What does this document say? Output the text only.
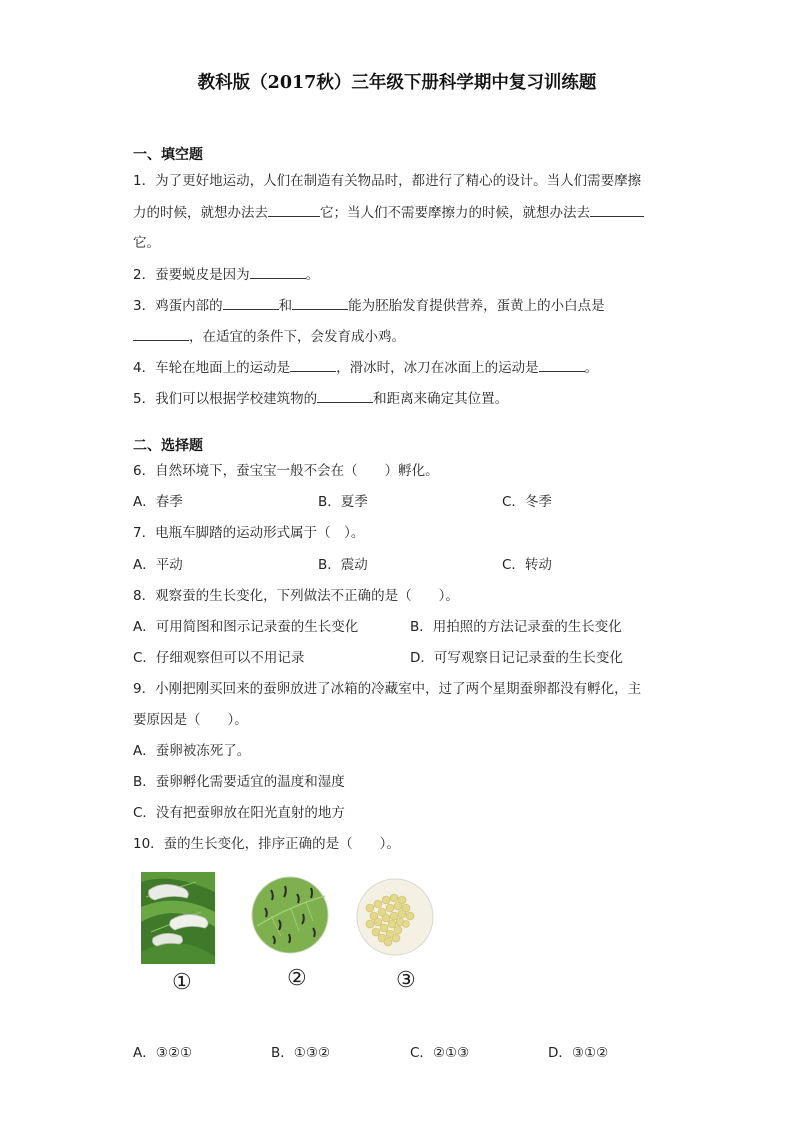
教科版（2017秋）三年级下册科学期中复习训练题
一、填空题
1．为了更好地运动，人们在制造有关物品时，都进行了精心的设计。当人们需要摩擦
力的时候，就想办法去	它；当人们不需要摩擦力的时候，就想办法去
它。
2．蚕要蜕皮是因为	。
3．鸡蛋内部的	和	能为胚胎发育提供营养，蛋黄上的小白点是
，在适宜的条件下，会发育成小鸡。
4．车轮在地面上的运动是	，滑冰时，冰刀在冰面上的运动是	。
5．我们可以根据学校建筑物的	和距离来确定其位置。
二、选择题
6．自然环境下，蚕宝宝一般不会在（　　）孵化。
A．春季	B．夏季	C．冬季
7．电瓶车脚踏的运动形式属于（　）。
A．平动	B．震动	C．转动
8．观察蚕的生长变化，下列做法不正确的是（　　）。
A．可用简图和图示记录蚕的生长变化	B．用拍照的方法记录蚕的生长变化
C．仔细观察但可以不用记录	D．可写观察日记记录蚕的生长变化
9．小刚把刚买回来的蚕卵放进了冰箱的冷藏室中，过了两个星期蚕卵都没有孵化，主
要原因是（　　）。
A．蚕卵被冻死了。
B．蚕卵孵化需要适宜的温度和湿度
C．没有把蚕卵放在阳光直射的地方
10．蚕的生长变化，排序正确的是（　　）。
①	②	③
A．③②①	B．①③②	C．②①③	D．③①②
